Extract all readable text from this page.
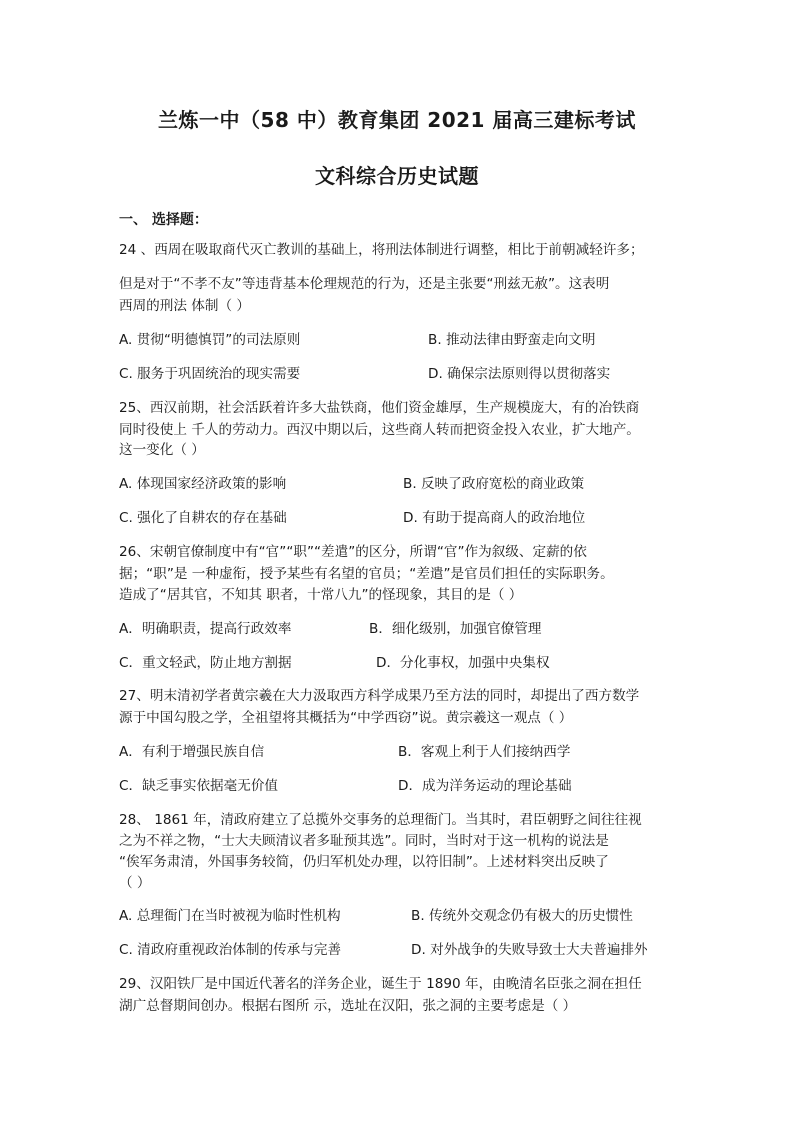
兰炼一中（58 中）教育集团 2021 届高三建标考试
文科综合历史试题
一、 选择题：
24 、西周在吸取商代灭亡教训的基础上，将刑法体制进行调整，相比于前朝减轻许多；
但是对于“不孝不友”等违背基本伦理规范的行为，还是主张要“刑兹无赦”。这表明
西周的刑法 体制（ ）
A. 贯彻“明德慎罚”的司法原则	B. 推动法律由野蛮走向文明
C. 服务于巩固统治的现实需要	D. 确保宗法原则得以贯彻落实
25、西汉前期，社会活跃着许多大盐铁商，他们资金雄厚，生产规模庞大，有的冶铁商
同时役使上 千人的劳动力。西汉中期以后，这些商人转而把资金投入农业，扩大地产。
这一变化（ ）
A. 体现国家经济政策的影响	B. 反映了政府宽松的商业政策
C. 强化了自耕农的存在基础	D. 有助于提高商人的政治地位
26、宋朝官僚制度中有“官”“职”“差遣”的区分，所谓“官”作为叙级、定薪的依
据；“职”是 一种虚衔，授予某些有名望的官员；“差遣”是官员们担任的实际职务。
造成了“居其官，不知其 职者，十常八九”的怪现象，其目的是（ ）
A．明确职责，提高行政效率	B．细化级别，加强官僚管理
C．重文轻武，防止地方割据	D．分化事权，加强中央集权
27、明末清初学者黄宗羲在大力汲取西方科学成果乃至方法的同时，却提出了西方数学
源于中国勾股之学，全祖望将其概括为“中学西窃”说。黄宗羲这一观点（ ）
A．有利于增强民族自信	B．客观上利于人们接纳西学
C．缺乏事实依据毫无价值	D．成为洋务运动的理论基础
28、 1861 年，清政府建立了总揽外交事务的总理衙门。当其时，君臣朝野之间往往视
之为不祥之物，“士大夫顾清议者多耻预其选”。同时，当时对于这一机构的说法是
“俟军务肃清，外国事务较简，仍归军机处办理，以符旧制”。上述材料突出反映了
（ ）
A. 总理衙门在当时被视为临时性机构	B. 传统外交观念仍有极大的历史惯性
C. 清政府重视政治体制的传承与完善	D. 对外战争的失败导致士大夫普遍排外
29、汉阳铁厂是中国近代著名的洋务企业，诞生于 1890 年，由晚清名臣张之洞在担任
湖广总督期间创办。根据右图所 示，选址在汉阳，张之洞的主要考虑是（ ）
